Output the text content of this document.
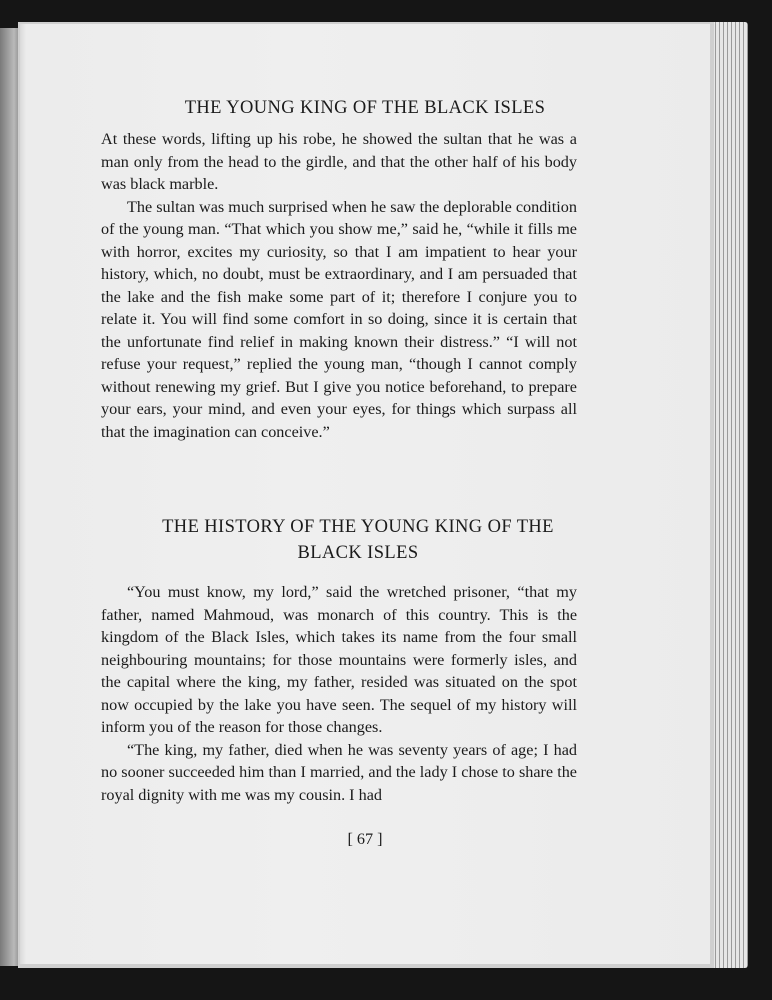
THE YOUNG KING OF THE BLACK ISLES

At these words, lifting up his robe, he showed the sultan that he was a man only from the head to the girdle, and that the other half of his body was black marble.

The sultan was much surprised when he saw the deplorable condition of the young man. “That which you show me,” said he, “while it fills me with horror, excites my curiosity, so that I am impatient to hear your history, which, no doubt, must be extraordinary, and I am persuaded that the lake and the fish make some part of it; therefore I conjure you to relate it. You will find some comfort in so doing, since it is certain that the unfortunate find relief in making known their distress.” “I will not refuse your request,” replied the young man, “though I cannot comply without renewing my grief. But I give you notice beforehand, to prepare your ears, your mind, and even your eyes, for things which surpass all that the imagination can conceive.”

THE HISTORY OF THE YOUNG KING OF THE
BLACK ISLES

“You must know, my lord,” said the wretched prisoner, “that my father, named Mahmoud, was monarch of this country. This is the kingdom of the Black Isles, which takes its name from the four small neighbouring mountains; for those mountains were formerly isles, and the capital where the king, my father, resided was situated on the spot now occupied by the lake you have seen. The sequel of my history will inform you of the reason for those changes.

“The king, my father, died when he was seventy years of age; I had no sooner succeeded him than I married, and the lady I chose to share the royal dignity with me was my cousin. I had

[ 67 ]
